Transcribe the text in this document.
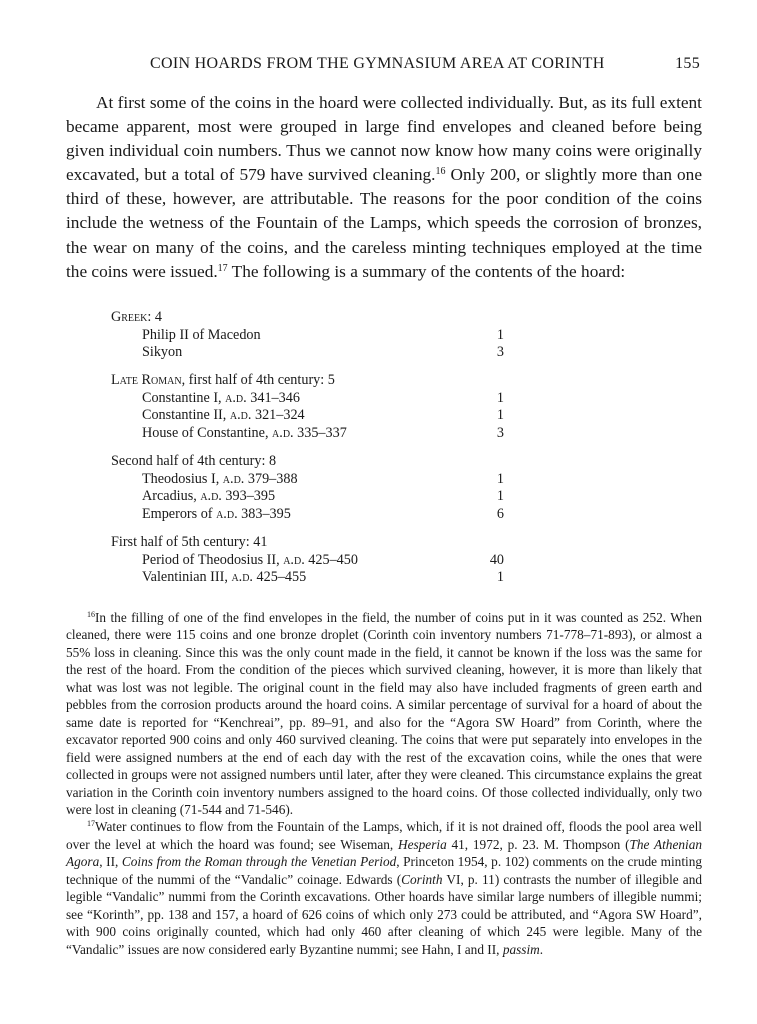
COIN HOARDS FROM THE GYMNASIUM AREA AT CORINTH	155

At first some of the coins in the hoard were collected individually. But, as its full extent became apparent, most were grouped in large find envelopes and cleaned before being given individual coin numbers. Thus we cannot now know how many coins were originally excavated, but a total of 579 have survived cleaning.$^{16}$ Only 200, or slightly more than one third of these, however, are attributable. The reasons for the poor condition of the coins include the wetness of the Fountain of the Lamps, which speeds the corrosion of bronzes, the wear on many of the coins, and the careless minting techniques employed at the time the coins were issued.$^{17}$ The following is a summary of the contents of the hoard:

Greek: 4
Philip II of Macedon	1
Sikyon	3
Late Roman, first half of 4th century: 5
Constantine I, a.d. 341–346	1
Constantine II, a.d. 321–324	1
House of Constantine, a.d. 335–337	3
Second half of 4th century: 8
Theodosius I, a.d. 379–388	1
Arcadius, a.d. 393–395	1
Emperors of a.d. 383–395	6
First half of 5th century: 41
Period of Theodosius II, a.d. 425–450	40
Valentinian III, a.d. 425–455	1

$^{16}$In the filling of one of the find envelopes in the field, the number of coins put in it was counted as 252. When cleaned, there were 115 coins and one bronze droplet (Corinth coin inventory numbers 71-778–71-893), or almost a 55% loss in cleaning. Since this was the only count made in the field, it cannot be known if the loss was the same for the rest of the hoard. From the condition of the pieces which survived cleaning, however, it is more than likely that what was lost was not legible. The original count in the field may also have included fragments of green earth and pebbles from the corrosion products around the hoard coins. A similar percentage of survival for a hoard of about the same date is reported for “Kenchreai”, pp. 89–91, and also for the “Agora SW Hoard” from Corinth, where the excavator reported 900 coins and only 460 survived cleaning. The coins that were put separately into envelopes in the field were assigned numbers at the end of each day with the rest of the excavation coins, while the ones that were collected in groups were not assigned numbers until later, after they were cleaned. This circumstance explains the great variation in the Corinth coin inventory numbers assigned to the hoard coins. Of those collected individually, only two were lost in cleaning (71-544 and 71-546).

$^{17}$Water continues to flow from the Fountain of the Lamps, which, if it is not drained off, floods the pool area well over the level at which the hoard was found; see Wiseman, Hesperia 41, 1972, p. 23. M. Thompson (The Athenian Agora, II, Coins from the Roman through the Venetian Period, Princeton 1954, p. 102) comments on the crude minting technique of the nummi of the “Vandalic” coinage. Edwards (Corinth VI, p. 11) contrasts the number of illegible and legible “Vandalic” nummi from the Corinth excavations. Other hoards have similar large numbers of illegible nummi; see “Korinth”, pp. 138 and 157, a hoard of 626 coins of which only 273 could be attributed, and “Agora SW Hoard”, with 900 coins originally counted, which had only 460 after cleaning of which 245 were legible. Many of the “Vandalic” issues are now considered early Byzantine nummi; see Hahn, I and II, passim.
